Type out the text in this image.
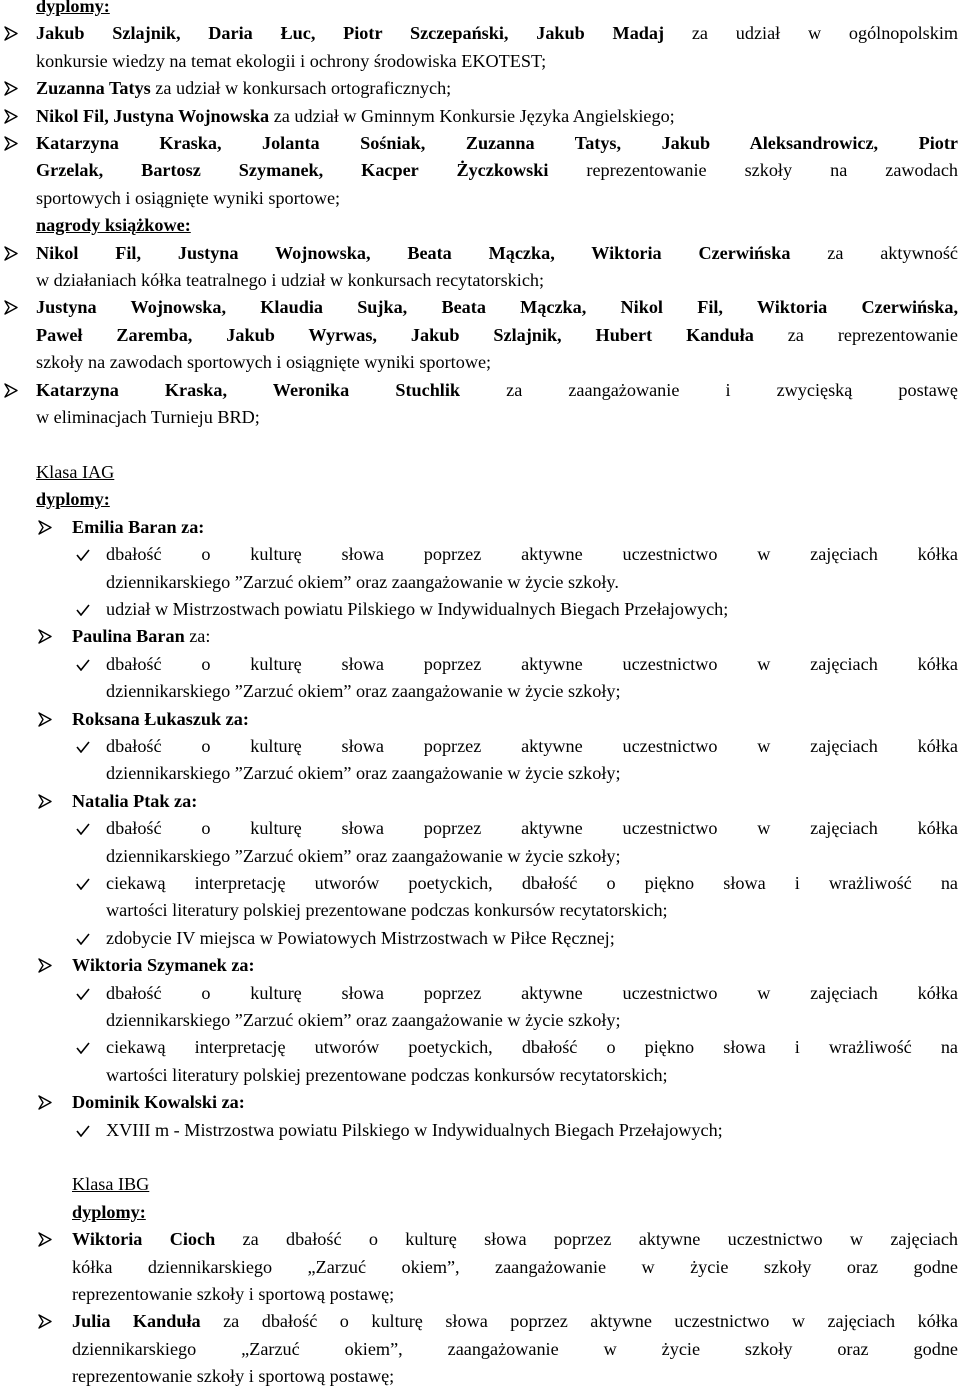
dyplomy:
Jakub Szlajnik, Daria Łuc, Piotr Szczepański, Jakub Madaj za udział w ogólnopolskim
konkursie wiedzy na temat ekologii i ochrony środowiska EKOTEST;
Zuzanna Tatys za udział w konkursach ortograficznych;
Nikol Fil, Justyna Wojnowska za udział w Gminnym Konkursie Języka Angielskiego;
Katarzyna Kraska, Jolanta Sośniak, Zuzanna Tatys, Jakub Aleksandrowicz, Piotr
Grzelak, Bartosz Szymanek, Kacper Życzkowski reprezentowanie szkoły na zawodach
sportowych i osiągnięte wyniki sportowe;
nagrody książkowe:
Nikol Fil, Justyna Wojnowska, Beata Mączka, Wiktoria Czerwińska za aktywność
w działaniach kółka teatralnego i udział w konkursach recytatorskich;
Justyna Wojnowska, Klaudia Sujka, Beata Mączka, Nikol Fil, Wiktoria Czerwińska,
Paweł Zaremba, Jakub Wyrwas, Jakub Szlajnik, Hubert Kanduła za reprezentowanie
szkoły na zawodach sportowych i osiągnięte wyniki sportowe;
Katarzyna Kraska, Weronika Stuchlik za zaangażowanie i zwycięską postawę
w eliminacjach Turnieju BRD;
Klasa IAG
dyplomy:
Emilia Baran za:
dbałość o kulturę słowa poprzez aktywne uczestnictwo w zajęciach kółka
dziennikarskiego ”Zarzuć okiem” oraz zaangażowanie w życie szkoły.
udział w Mistrzostwach powiatu Pilskiego w Indywidualnych Biegach Przełajowych;
Paulina Baran za:
dbałość o kulturę słowa poprzez aktywne uczestnictwo w zajęciach kółka
dziennikarskiego ”Zarzuć okiem” oraz zaangażowanie w życie szkoły;
Roksana Łukaszuk za:
dbałość o kulturę słowa poprzez aktywne uczestnictwo w zajęciach kółka
dziennikarskiego ”Zarzuć okiem” oraz zaangażowanie w życie szkoły;
Natalia Ptak za:
dbałość o kulturę słowa poprzez aktywne uczestnictwo w zajęciach kółka
dziennikarskiego ”Zarzuć okiem” oraz zaangażowanie w życie szkoły;
ciekawą interpretację utworów poetyckich, dbałość o piękno słowa i wrażliwość na
wartości literatury polskiej prezentowane podczas konkursów recytatorskich;
zdobycie IV miejsca w Powiatowych Mistrzostwach w Piłce Ręcznej;
Wiktoria Szymanek za:
dbałość o kulturę słowa poprzez aktywne uczestnictwo w zajęciach kółka
dziennikarskiego ”Zarzuć okiem” oraz zaangażowanie w życie szkoły;
ciekawą interpretację utworów poetyckich, dbałość o piękno słowa i wrażliwość na
wartości literatury polskiej prezentowane podczas konkursów recytatorskich;
Dominik Kowalski za:
XVIII m - Mistrzostwa powiatu Pilskiego w Indywidualnych Biegach Przełajowych;
Klasa IBG
dyplomy:
Wiktoria Cioch za dbałość o kulturę słowa poprzez aktywne uczestnictwo w zajęciach
kółka dziennikarskiego „Zarzuć okiem”, zaangażowanie w życie szkoły oraz godne
reprezentowanie szkoły i sportową postawę;
Julia Kanduła za dbałość o kulturę słowa poprzez aktywne uczestnictwo w zajęciach kółka
dziennikarskiego „Zarzuć okiem”, zaangażowanie w życie szkoły oraz godne
reprezentowanie szkoły i sportową postawę;
